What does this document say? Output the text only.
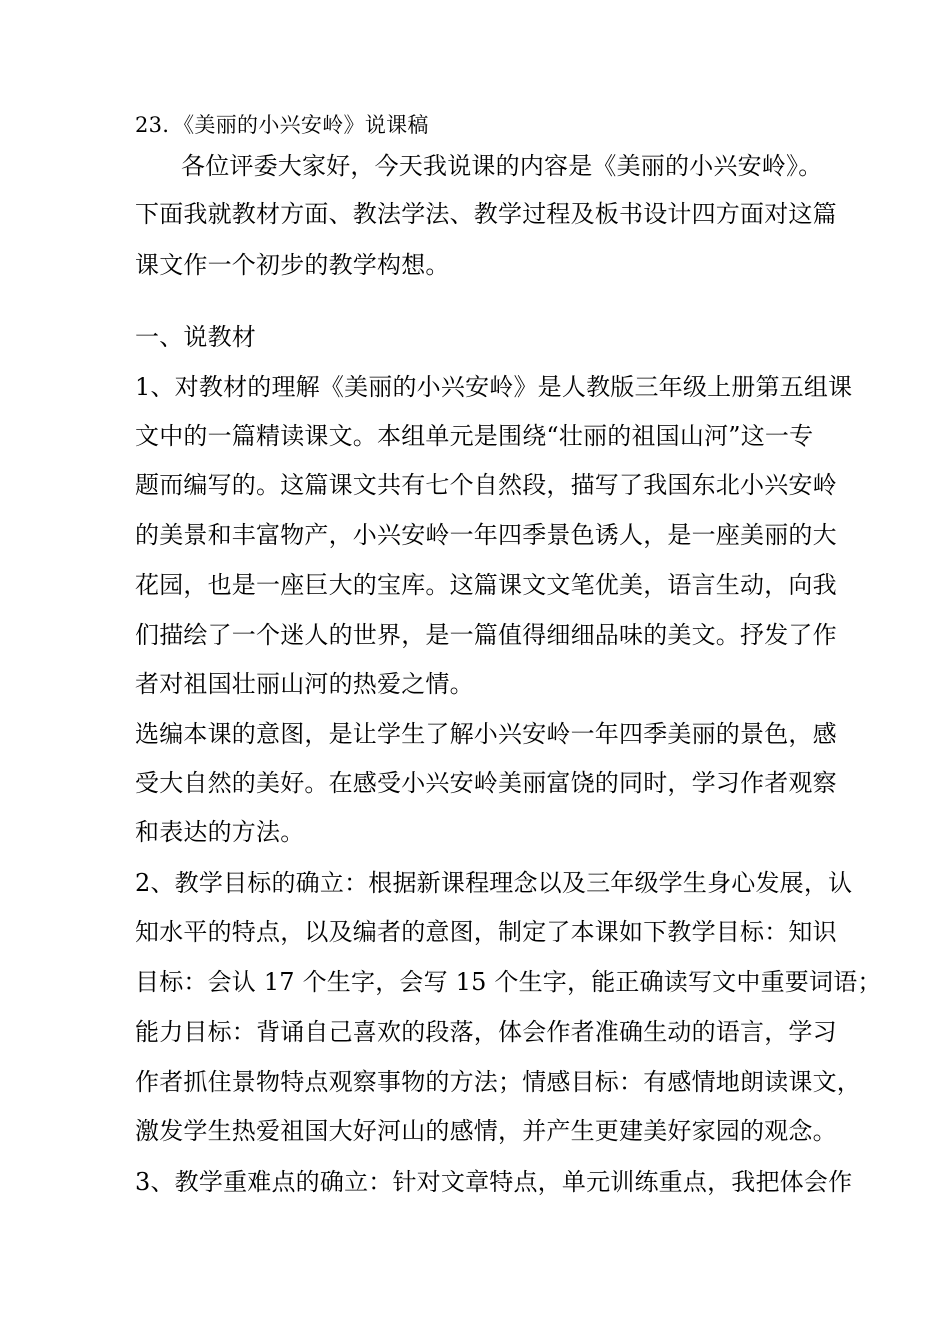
23．《美丽的小兴安岭》说课稿
各位评委大家好，今天我说课的内容是《美丽的小兴安岭》。
下面我就教材方面、教法学法、教学过程及板书设计四方面对这篇
课文作一个初步的教学构想。
一、说教材
1、对教材的理解《美丽的小兴安岭》是人教版三年级上册第五组课
文中的一篇精读课文。本组单元是围绕“壮丽的祖国山河”这一专
题而编写的。这篇课文共有七个自然段，描写了我国东北小兴安岭
的美景和丰富物产，小兴安岭一年四季景色诱人，是一座美丽的大
花园，也是一座巨大的宝库。这篇课文文笔优美，语言生动，向我
们描绘了一个迷人的世界，是一篇值得细细品味的美文。抒发了作
者对祖国壮丽山河的热爱之情。
选编本课的意图，是让学生了解小兴安岭一年四季美丽的景色，感
受大自然的美好。在感受小兴安岭美丽富饶的同时，学习作者观察
和表达的方法。
2、教学目标的确立：根据新课程理念以及三年级学生身心发展，认
知水平的特点，以及编者的意图，制定了本课如下教学目标：知识
目标：会认 17 个生字，会写 15 个生字，能正确读写文中重要词语；
能力目标：背诵自己喜欢的段落，体会作者准确生动的语言，学习
作者抓住景物特点观察事物的方法；情感目标：有感情地朗读课文，
激发学生热爱祖国大好河山的感情，并产生更建美好家园的观念。
3、教学重难点的确立：针对文章特点，单元训练重点，我把体会作
